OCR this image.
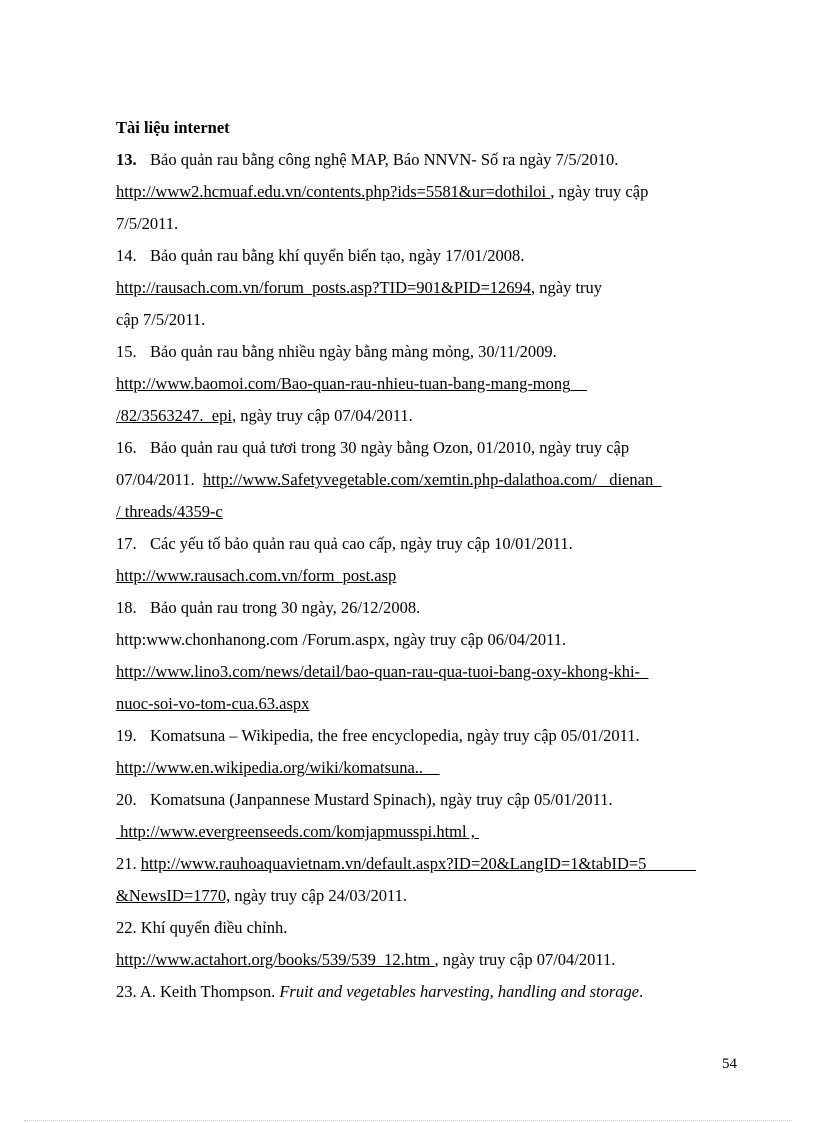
Tài liệu internet
13. Bảo quản rau bằng công nghệ MAP, Báo NNVN- Số ra ngày 7/5/2010.
http://www2.hcmuaf.edu.vn/contents.php?ids=5581&ur=dothiloi , ngày truy cập
7/5/2011.
14. Bảo quản rau bằng khí quyển biến tạo, ngày 17/01/2008.
http://rausach.com.vn/forum_posts.asp?TID=901&PID=12694, ngày truy
cập 7/5/2011.
15. Bảo quản rau bằng nhiều ngày bằng màng mỏng, 30/11/2009.
http://www.baomoi.com/Bao-quan-rau-nhieu-tuan-bang-mang-mong__
/82/3563247._epi, ngày truy cập 07/04/2011.
16. Bảo quản rau quả tươi trong 30 ngày bằng Ozon, 01/2010, ngày truy cập
07/04/2011.  http://www.Safetyvegetable.com/xemtin.php-dalathoa.com/_ dienan_
/ threads/4359-c
17. Các yếu tố bảo quản rau quả cao cấp, ngày truy cập 10/01/2011.
http://www.rausach.com.vn/form_post.asp
18. Bảo quản rau trong 30 ngày, 26/12/2008.
http:www.chonhanong.com /Forum.aspx, ngày truy cập 06/04/2011.
http://www.lino3.com/news/detail/bao-quan-rau-qua-tuoi-bang-oxy-khong-khi-_
nuoc-soi-vo-tom-cua.63.aspx
19. Komatsuna – Wikipedia, the free encyclopedia, ngày truy cập 05/01/2011.
http://www.en.wikipedia.org/wiki/komatsuna..__
20. Komatsuna (Janpannese Mustard Spinach), ngày truy cập 05/01/2011.
http://www.evergreenseeds.com/komjapmusspi.html ,
21. http://www.rauhoaquavietnam.vn/default.aspx?ID=20&LangID=1&tabID=5______
&NewsID=1770, ngày truy cập 24/03/2011.
22. Khí quyển điều chỉnh.
http://www.actahort.org/books/539/539_12.htm , ngày truy cập 07/04/2011.
23. A. Keith Thompson. Fruit and vegetables harvesting, handling and storage.
54
